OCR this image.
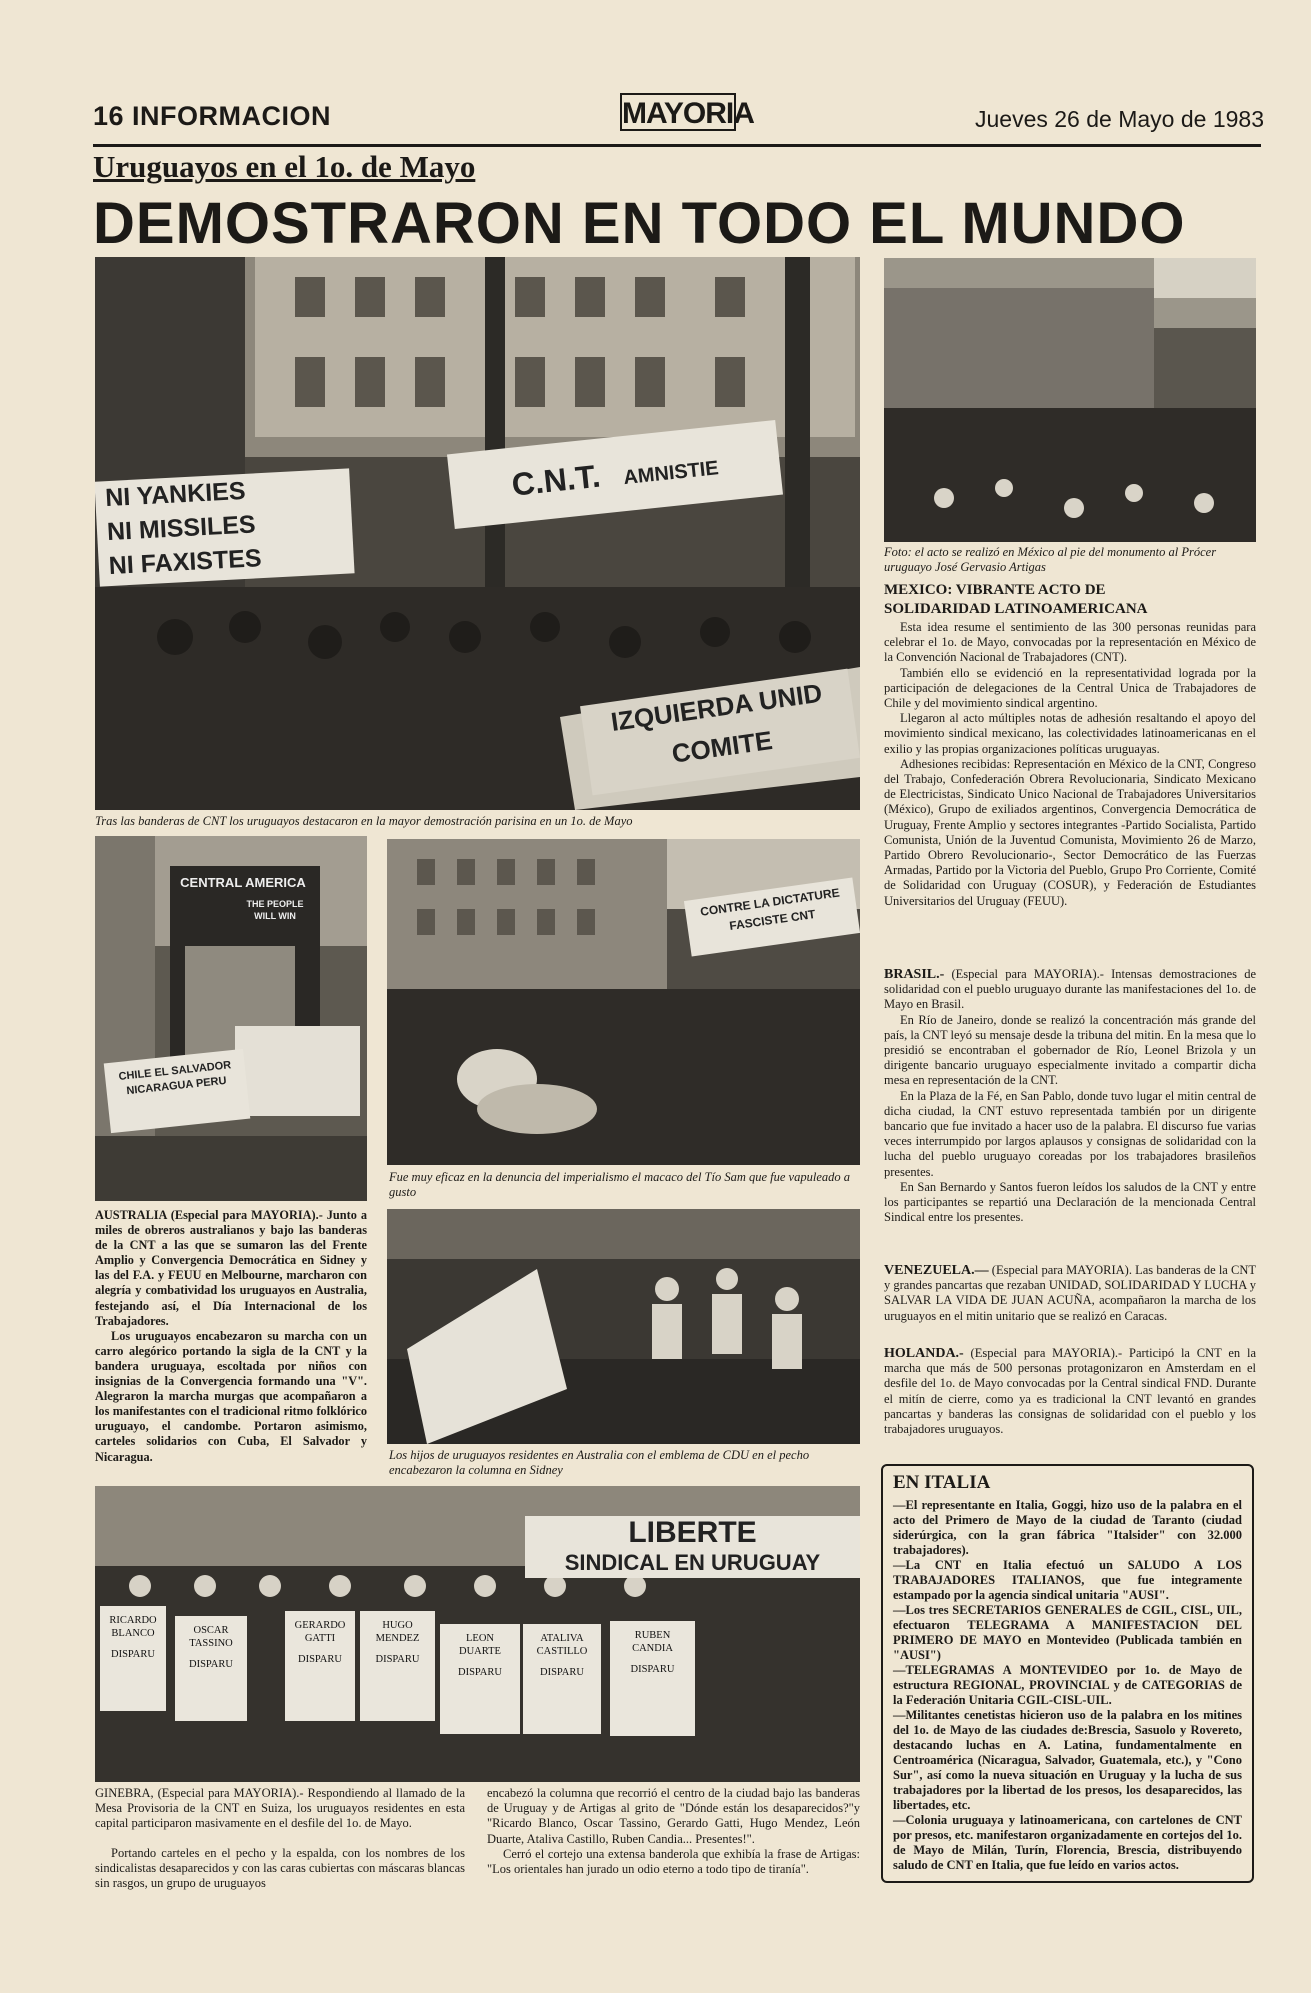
16 INFORMACION	MAYORIA	Jueves 26 de Mayo de 1983
Uruguayos en el 1o. de Mayo
DEMOSTRARON EN TODO EL MUNDO
NI YANKIES
NI MISSILES
NI FAXISTES
C.N.T. AMNISTIE
IZQUIERDA UNID
COMITE
Tras las banderas de CNT los uruguayos destacaron en la mayor demostración parisina en un 1o. de Mayo
Foto: el acto se realizó en México al pie del monumento al Prócer uruguayo José Gervasio Artigas
MEXICO: VIBRANTE ACTO DE
SOLIDARIDAD LATINOAMERICANA

Esta idea resume el sentimiento de las 300 personas reunidas para celebrar el 1o. de Mayo, convocadas por la representación en México de la Convención Nacional de Trabajadores (CNT).

También ello se evidenció en la representatividad lograda por la participación de delegaciones de la Central Unica de Trabajadores de Chile y del movimiento sindical argentino.

Llegaron al acto múltiples notas de adhesión resaltando el apoyo del movimiento sindical mexicano, las colectividades latinoamericanas en el exilio y las propias organizaciones políticas uruguayas.

Adhesiones recibidas: Representación en México de la CNT, Congreso del Trabajo, Confederación Obrera Revolucionaria, Sindicato Mexicano de Electricistas, Sindicato Unico Nacional de Trabajadores Universitarios (México), Grupo de exiliados argentinos, Convergencia Democrática de Uruguay, Frente Amplio y sectores integrantes -Partido Socialista, Partido Comunista, Unión de la Juventud Comunista, Movimiento 26 de Marzo, Partido Obrero Revolucionario-, Sector Democrático de las Fuerzas Armadas, Partido por la Victoria del Pueblo, Grupo Pro Corriente, Comité de Solidaridad con Uruguay (COSUR), y Federación de Estudiantes Universitarios del Uruguay (FEUU).

BRASIL.- (Especial para MAYORIA).- Intensas demostraciones de solidaridad con el pueblo uruguayo durante las manifestaciones del 1o. de Mayo en Brasil.

En Río de Janeiro, donde se realizó la concentración más grande del país, la CNT leyó su mensaje desde la tribuna del mitin. En la mesa que lo presidió se encontraban el gobernador de Río, Leonel Brizola y un dirigente bancario uruguayo especialmente invitado a compartir dicha mesa en representación de la CNT.

En la Plaza de la Fé, en San Pablo, donde tuvo lugar el mitin central de dicha ciudad, la CNT estuvo representada también por un dirigente bancario que fue invitado a hacer uso de la palabra. El discurso fue varias veces interrumpido por largos aplausos y consignas de solidaridad con la lucha del pueblo uruguayo coreadas por los trabajadores brasileños presentes.

En San Bernardo y Santos fueron leídos los saludos de la CNT y entre los participantes se repartió una Declaración de la mencionada Central Sindical entre los presentes.

VENEZUELA.— (Especial para MAYORIA). Las banderas de la CNT y grandes pancartas que rezaban UNIDAD, SOLIDARIDAD Y LUCHA y SALVAR LA VIDA DE JUAN ACUÑA, acompañaron la marcha de los uruguayos en el mitin unitario que se realizó en Caracas.

HOLANDA.- (Especial para MAYORIA).- Participó la CNT en la marcha que más de 500 personas protagonizaron en Amsterdam en el desfile del 1o. de Mayo convocadas por la Central sindical FND. Durante el mitín de cierre, como ya es tradicional la CNT levantó en grandes pancartas y banderas las consignas de solidaridad con el pueblo y los trabajadores uruguayos.

CENTRAL AMERICA
THE PEOPLE WILL WIN
CHILE EL SALVADOR NICARAGUA PERU

AUSTRALIA (Especial para MAYORIA).- Junto a miles de obreros australianos y bajo las banderas de la CNT a las que se sumaron las del Frente Amplio y Convergencia Democrática en Sidney y las del F.A. y FEUU en Melbourne, marcharon con alegría y combatividad los uruguayos en Australia, festejando así, el Día Internacional de los Trabajadores.

Los uruguayos encabezaron su marcha con un carro alegórico portando la sigla de la CNT y la bandera uruguaya, escoltada por niños con insignias de la Convergencia formando una "V". Alegraron la marcha murgas que acompañaron a los manifestantes con el tradicional ritmo folklórico uruguayo, el candombe. Portaron asimismo, carteles solidarios con Cuba, El Salvador y Nicaragua.

CONTRE LA DICTATURE FASCISTE CNT
Fue muy eficaz en la denuncia del imperialismo el macaco del Tío Sam que fue vapuleado a gusto
Los hijos de uruguayos residentes en Australia con el emblema de CDU en el pecho encabezaron la columna en Sidney
LIBERTE
SINDICAL EN URUGUAY
RICARDO
BLANCO
DISPARU
OSCAR
TASSINO
DISPARU
GERARDO
GATTI
DISPARU
HUGO
MENDEZ
DISPARU
LEON
DUARTE
DISPARU
ATALIVA
CASTILLO
DISPARU
RUBEN
CANDIA
DISPARU

GINEBRA, (Especial para MAYORIA).- Respondiendo al llamado de la Mesa Provisoria de la CNT en Suiza, los uruguayos residentes en esta capital participaron masivamente en el desfile del 1o. de Mayo.

Portando carteles en el pecho y la espalda, con los nombres de los sindicalistas desaparecidos y con las caras cubiertas con máscaras blancas sin rasgos, un grupo de uruguayos

encabezó la columna que recorrió el centro de la ciudad bajo las banderas de Uruguay y de Artigas al grito de "Dónde están los desaparecidos?"y "Ricardo Blanco, Oscar Tassino, Gerardo Gatti, Hugo Mendez, León Duarte, Ataliva Castillo, Ruben Candia... Presentes!".

Cerró el cortejo una extensa banderola que exhibía la frase de Artigas: "Los orientales han jurado un odio eterno a todo tipo de tiranía".

EN ITALIA

—El representante en Italia, Goggi, hizo uso de la palabra en el acto del Primero de Mayo de la ciudad de Taranto (ciudad siderúrgica, con la gran fábrica "Italsider" con 32.000 trabajadores).

—La CNT en Italia efectuó un SALUDO A LOS TRABAJADORES ITALIANOS, que fue integramente estampado por la agencia sindical unitaria "AUSI".

—Los tres SECRETARIOS GENERALES de CGIL, CISL, UIL, efectuaron TELEGRAMA A MANIFESTACION DEL PRIMERO DE MAYO en Montevideo (Publicada también en "AUSI")

—TELEGRAMAS A MONTEVIDEO por 1o. de Mayo de estructura REGIONAL, PROVINCIAL y de CATEGORIAS de la Federación Unitaria CGIL-CISL-UIL.

—Militantes cenetistas hicieron uso de la palabra en los mitines del 1o. de Mayo de las ciudades de:Brescia, Sasuolo y Rovereto, destacando luchas en A. Latina, fundamentalmente en Centroamérica (Nicaragua, Salvador, Guatemala, etc.), y "Cono Sur", así como la nueva situación en Uruguay y la lucha de sus trabajadores por la libertad de los presos, los desaparecidos, las libertades, etc.

—Colonia uruguaya y latinoamericana, con cartelones de CNT por presos, etc. manifestaron organizadamente en cortejos del 1o. de Mayo de Milán, Turín, Florencia, Brescia, distribuyendo saludo de CNT en Italia, que fue leído en varios actos.
